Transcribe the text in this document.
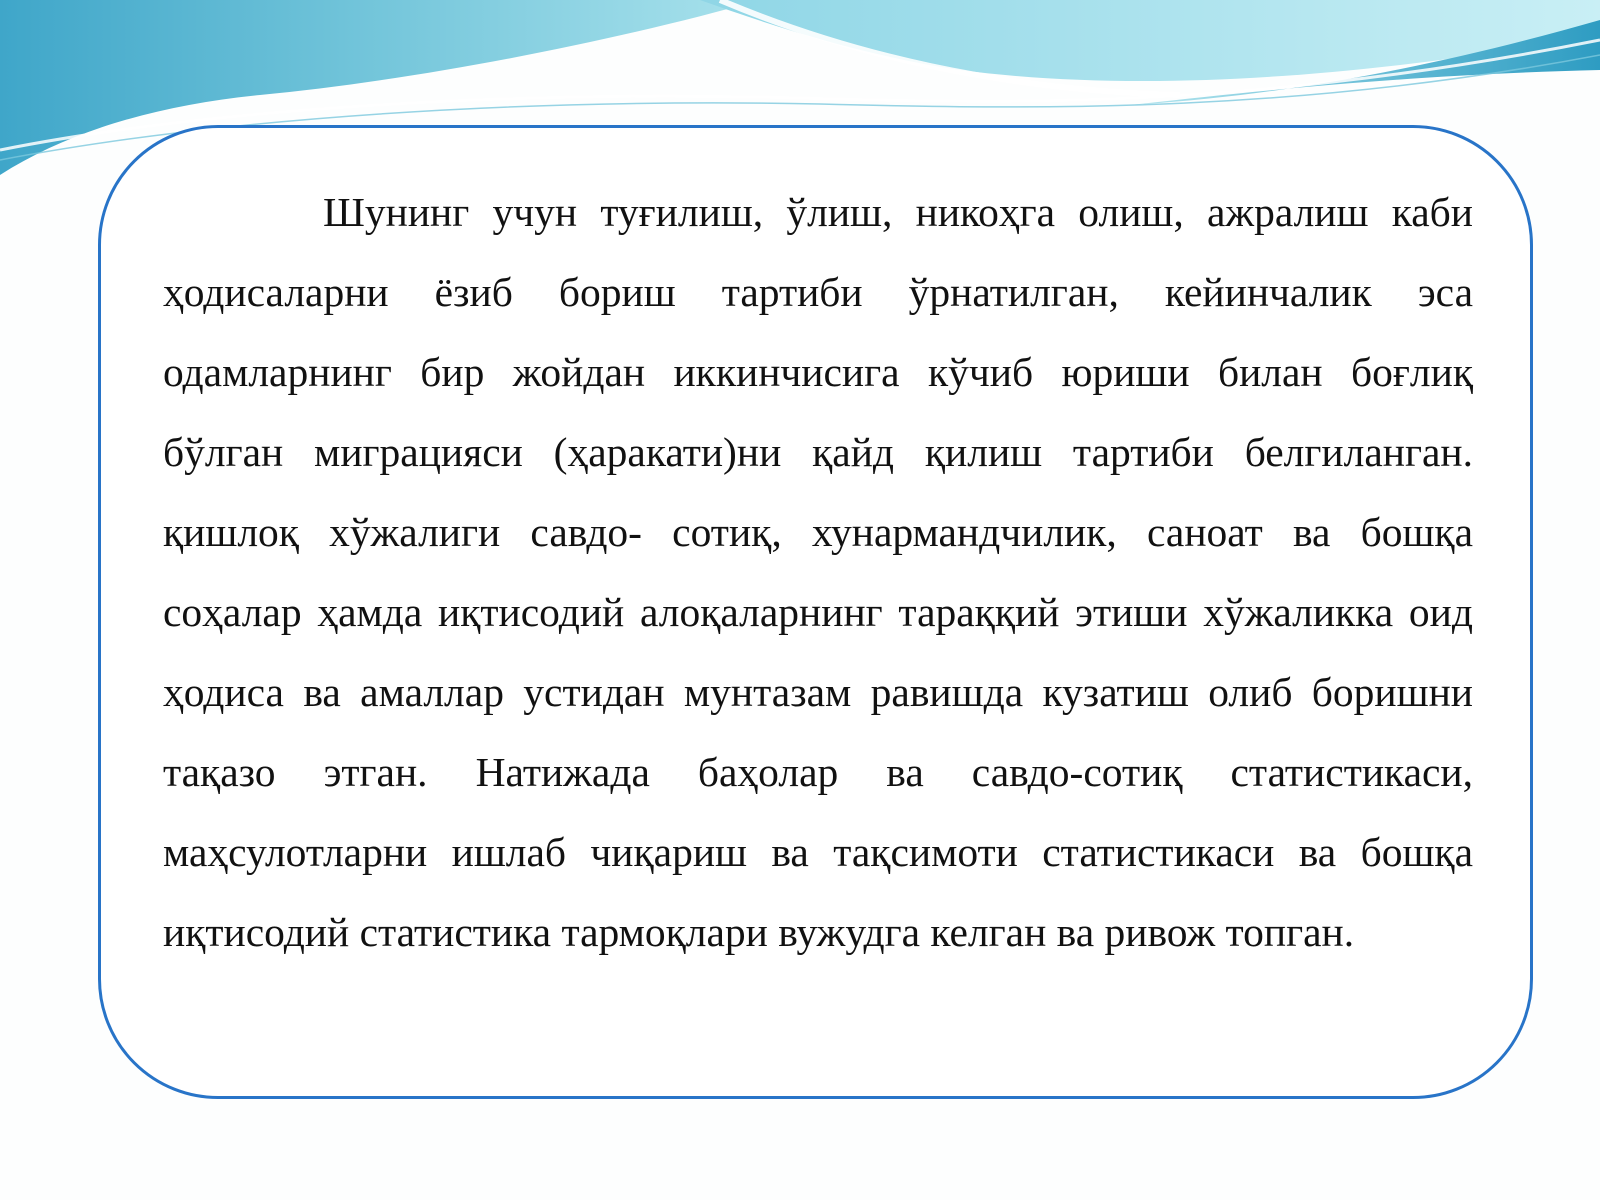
Шунинг учун туғилиш, ўлиш, никоҳга олиш, ажралиш каби ҳодисаларни ёзиб бориш тартиби ўрнатилган, кейинчалик эса одамларнинг бир жойдан иккинчисига кўчиб юриши билан боғлиқ бўлган миграцияси (ҳаракати)ни қайд қилиш тартиби белгиланган. қишлоқ хўжалиги савдо- сотиқ, хунармандчилик, саноат ва бошқа соҳалар ҳамда иқтисодий алоқаларнинг тараққий этиши хўжаликка оид ҳодиса ва амаллар устидан мунтазам равишда кузатиш олиб боришни тақазо этган. Натижада баҳолар ва савдо-сотиқ статистикаси, маҳсулотларни ишлаб чиқариш ва тақсимоти статистикаси ва бошқа иқтисодий статистика тармоқлари вужудга келган ва ривож топган.
